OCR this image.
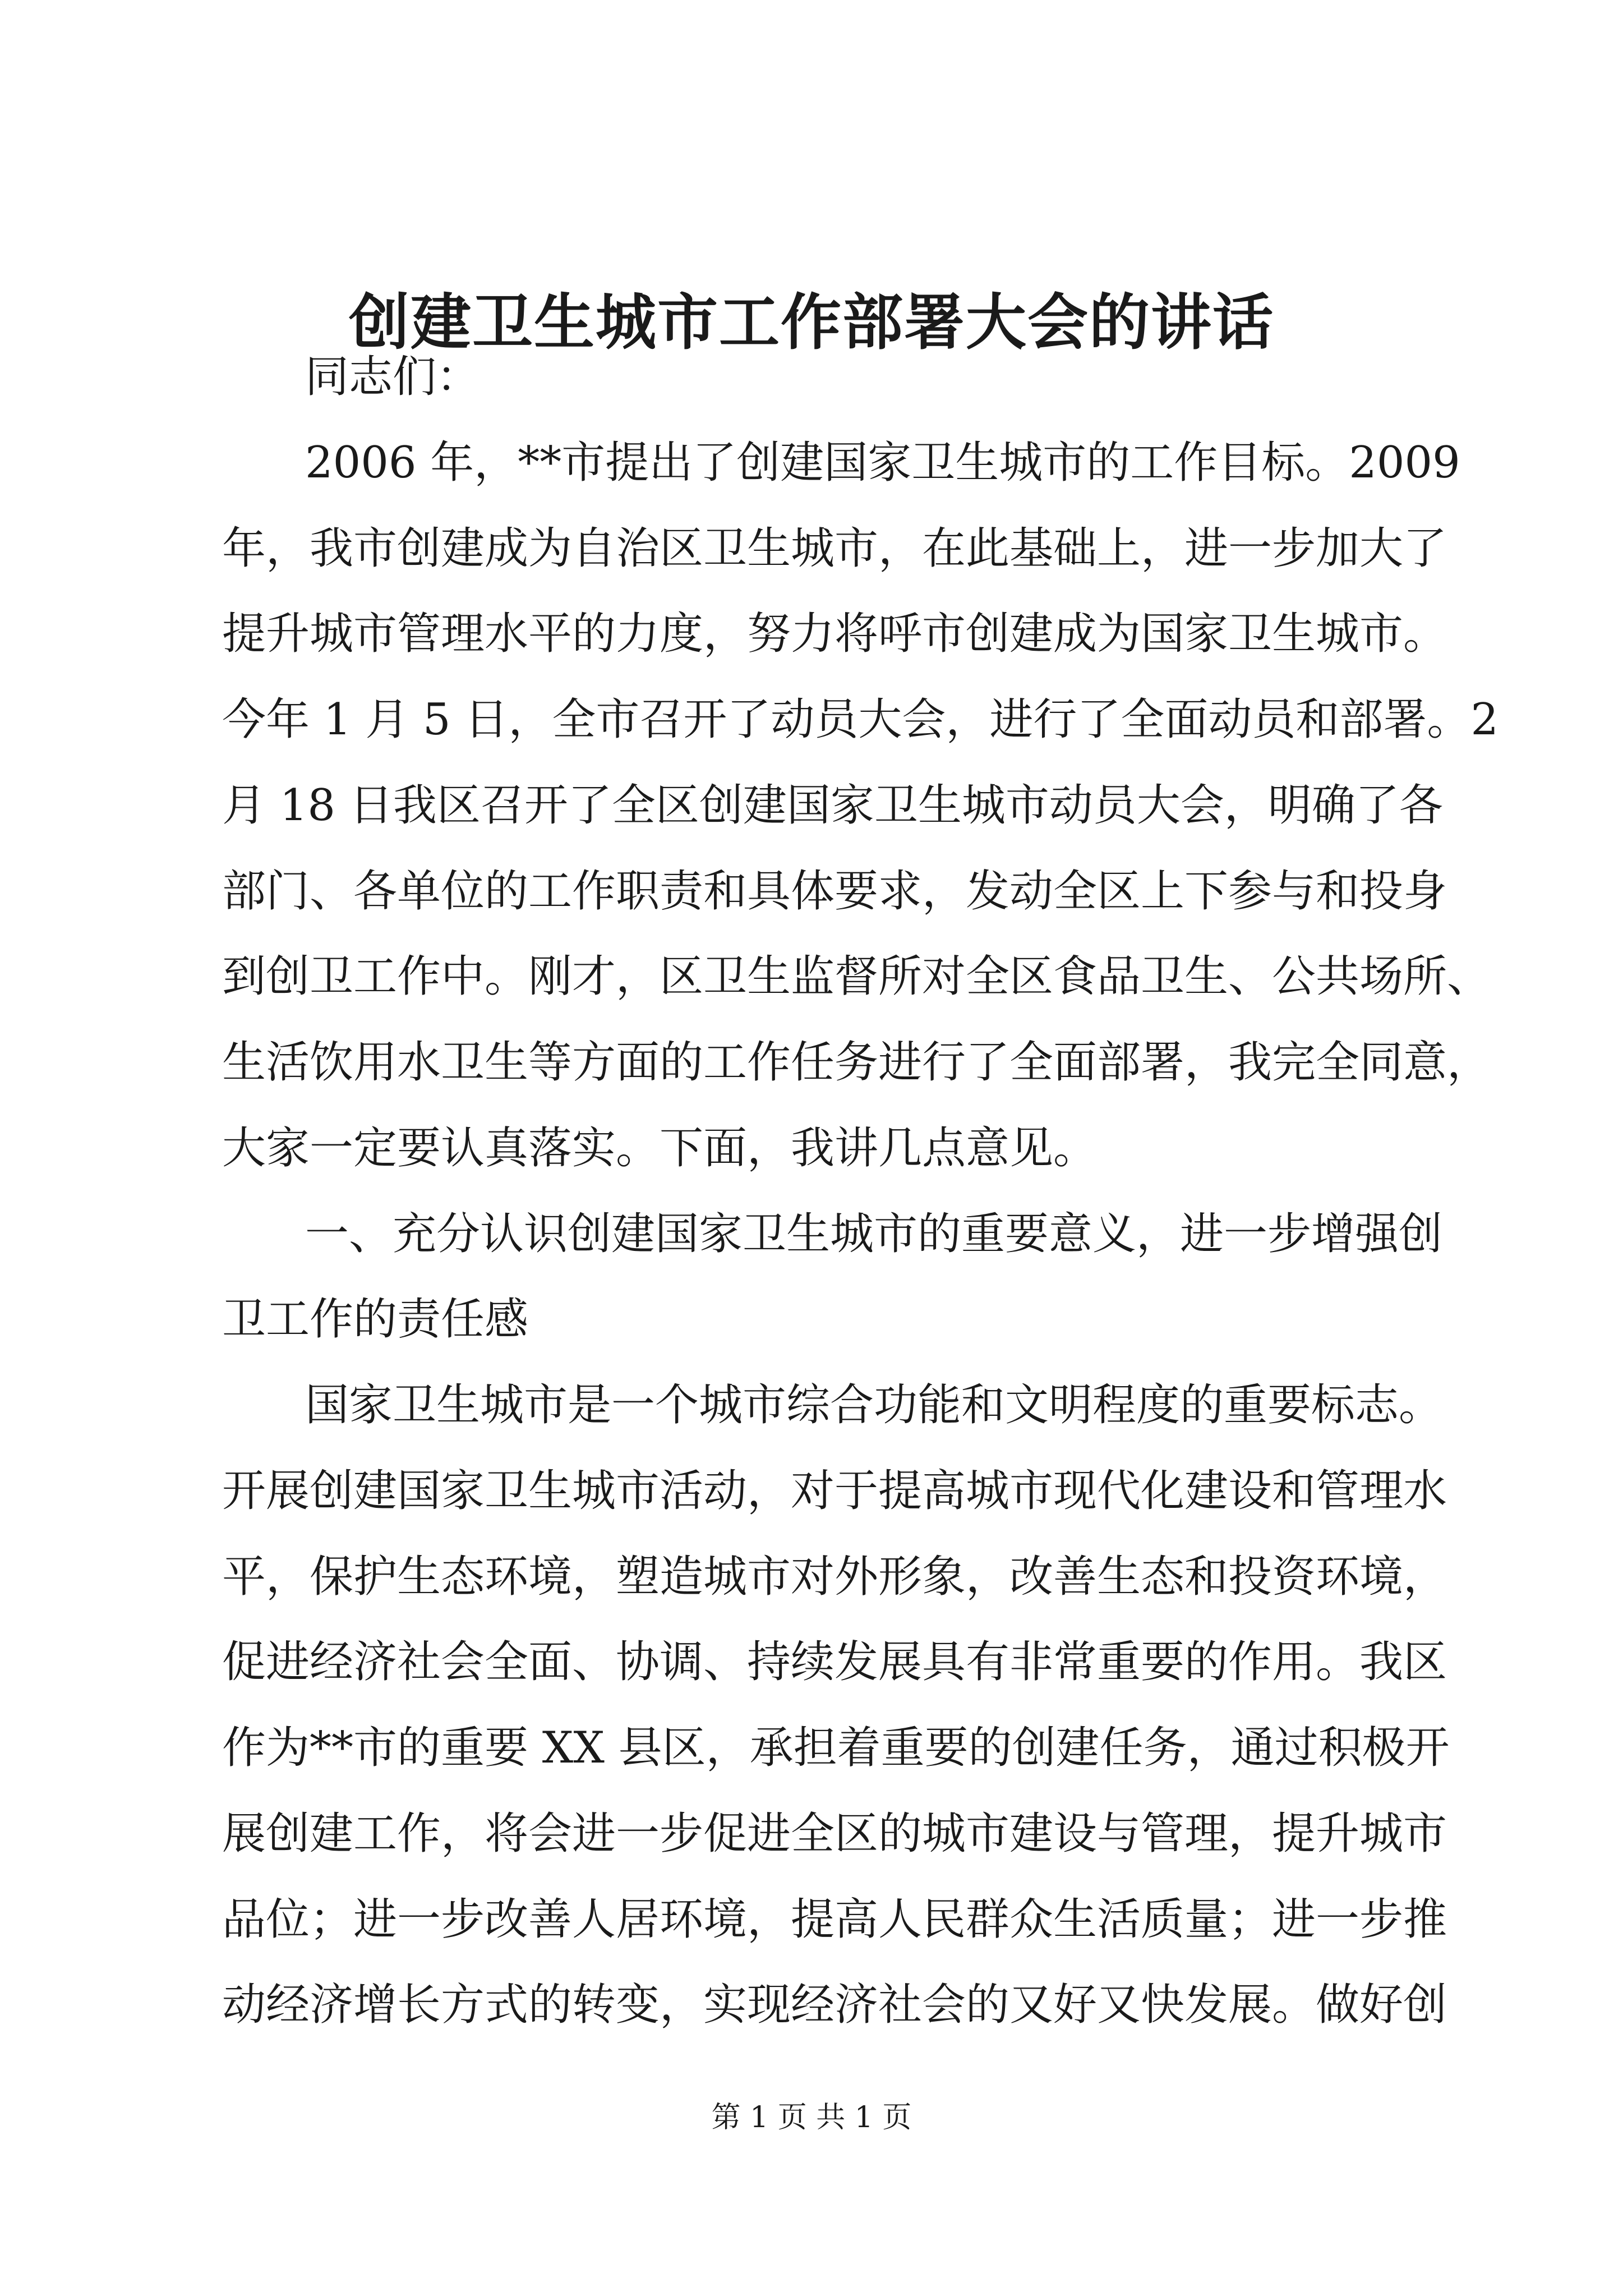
创建卫生城市工作部署大会的讲话

同志们：

2006 年，**市提出了创建国家卫生城市的工作目标。2009

年，我市创建成为自治区卫生城市，在此基础上，进一步加大了

提升城市管理水平的力度，努力将呼市创建成为国家卫生城市。

今年 1 月 5 日，全市召开了动员大会，进行了全面动员和部署。2

月 18 日我区召开了全区创建国家卫生城市动员大会，明确了各

部门、各单位的工作职责和具体要求，发动全区上下参与和投身

到创卫工作中。刚才，区卫生监督所对全区食品卫生、公共场所、

生活饮用水卫生等方面的工作任务进行了全面部署，我完全同意，

大家一定要认真落实。下面，我讲几点意见。

一、充分认识创建国家卫生城市的重要意义，进一步增强创

卫工作的责任感

国家卫生城市是一个城市综合功能和文明程度的重要标志。

开展创建国家卫生城市活动，对于提高城市现代化建设和管理水

平，保护生态环境，塑造城市对外形象，改善生态和投资环境，

促进经济社会全面、协调、持续发展具有非常重要的作用。我区

作为**市的重要 XX 县区，承担着重要的创建任务，通过积极开

展创建工作，将会进一步促进全区的城市建设与管理，提升城市

品位；进一步改善人居环境，提高人民群众生活质量；进一步推

动经济增长方式的转变，实现经济社会的又好又快发展。做好创

第 1 页 共 1 页
